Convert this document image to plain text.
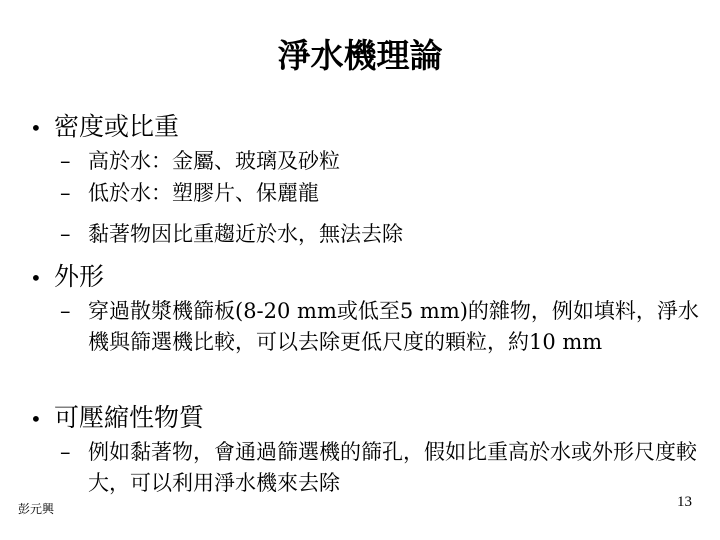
淨水機理論
• 密度或比重
– 高於水：金屬、玻璃及砂粒
– 低於水：塑膠片、保麗龍
– 黏著物因比重趨近於水，無法去除
• 外形
– 穿過散漿機篩板(8-20 mm或低至5 mm)的雜物，例如填料，淨水機與篩選機比較，可以去除更低尺度的顆粒，約10 mm
• 可壓縮性物質
– 例如黏著物，會通過篩選機的篩孔，假如比重高於水或外形尺度較大，可以利用淨水機來去除
彭元興	13
